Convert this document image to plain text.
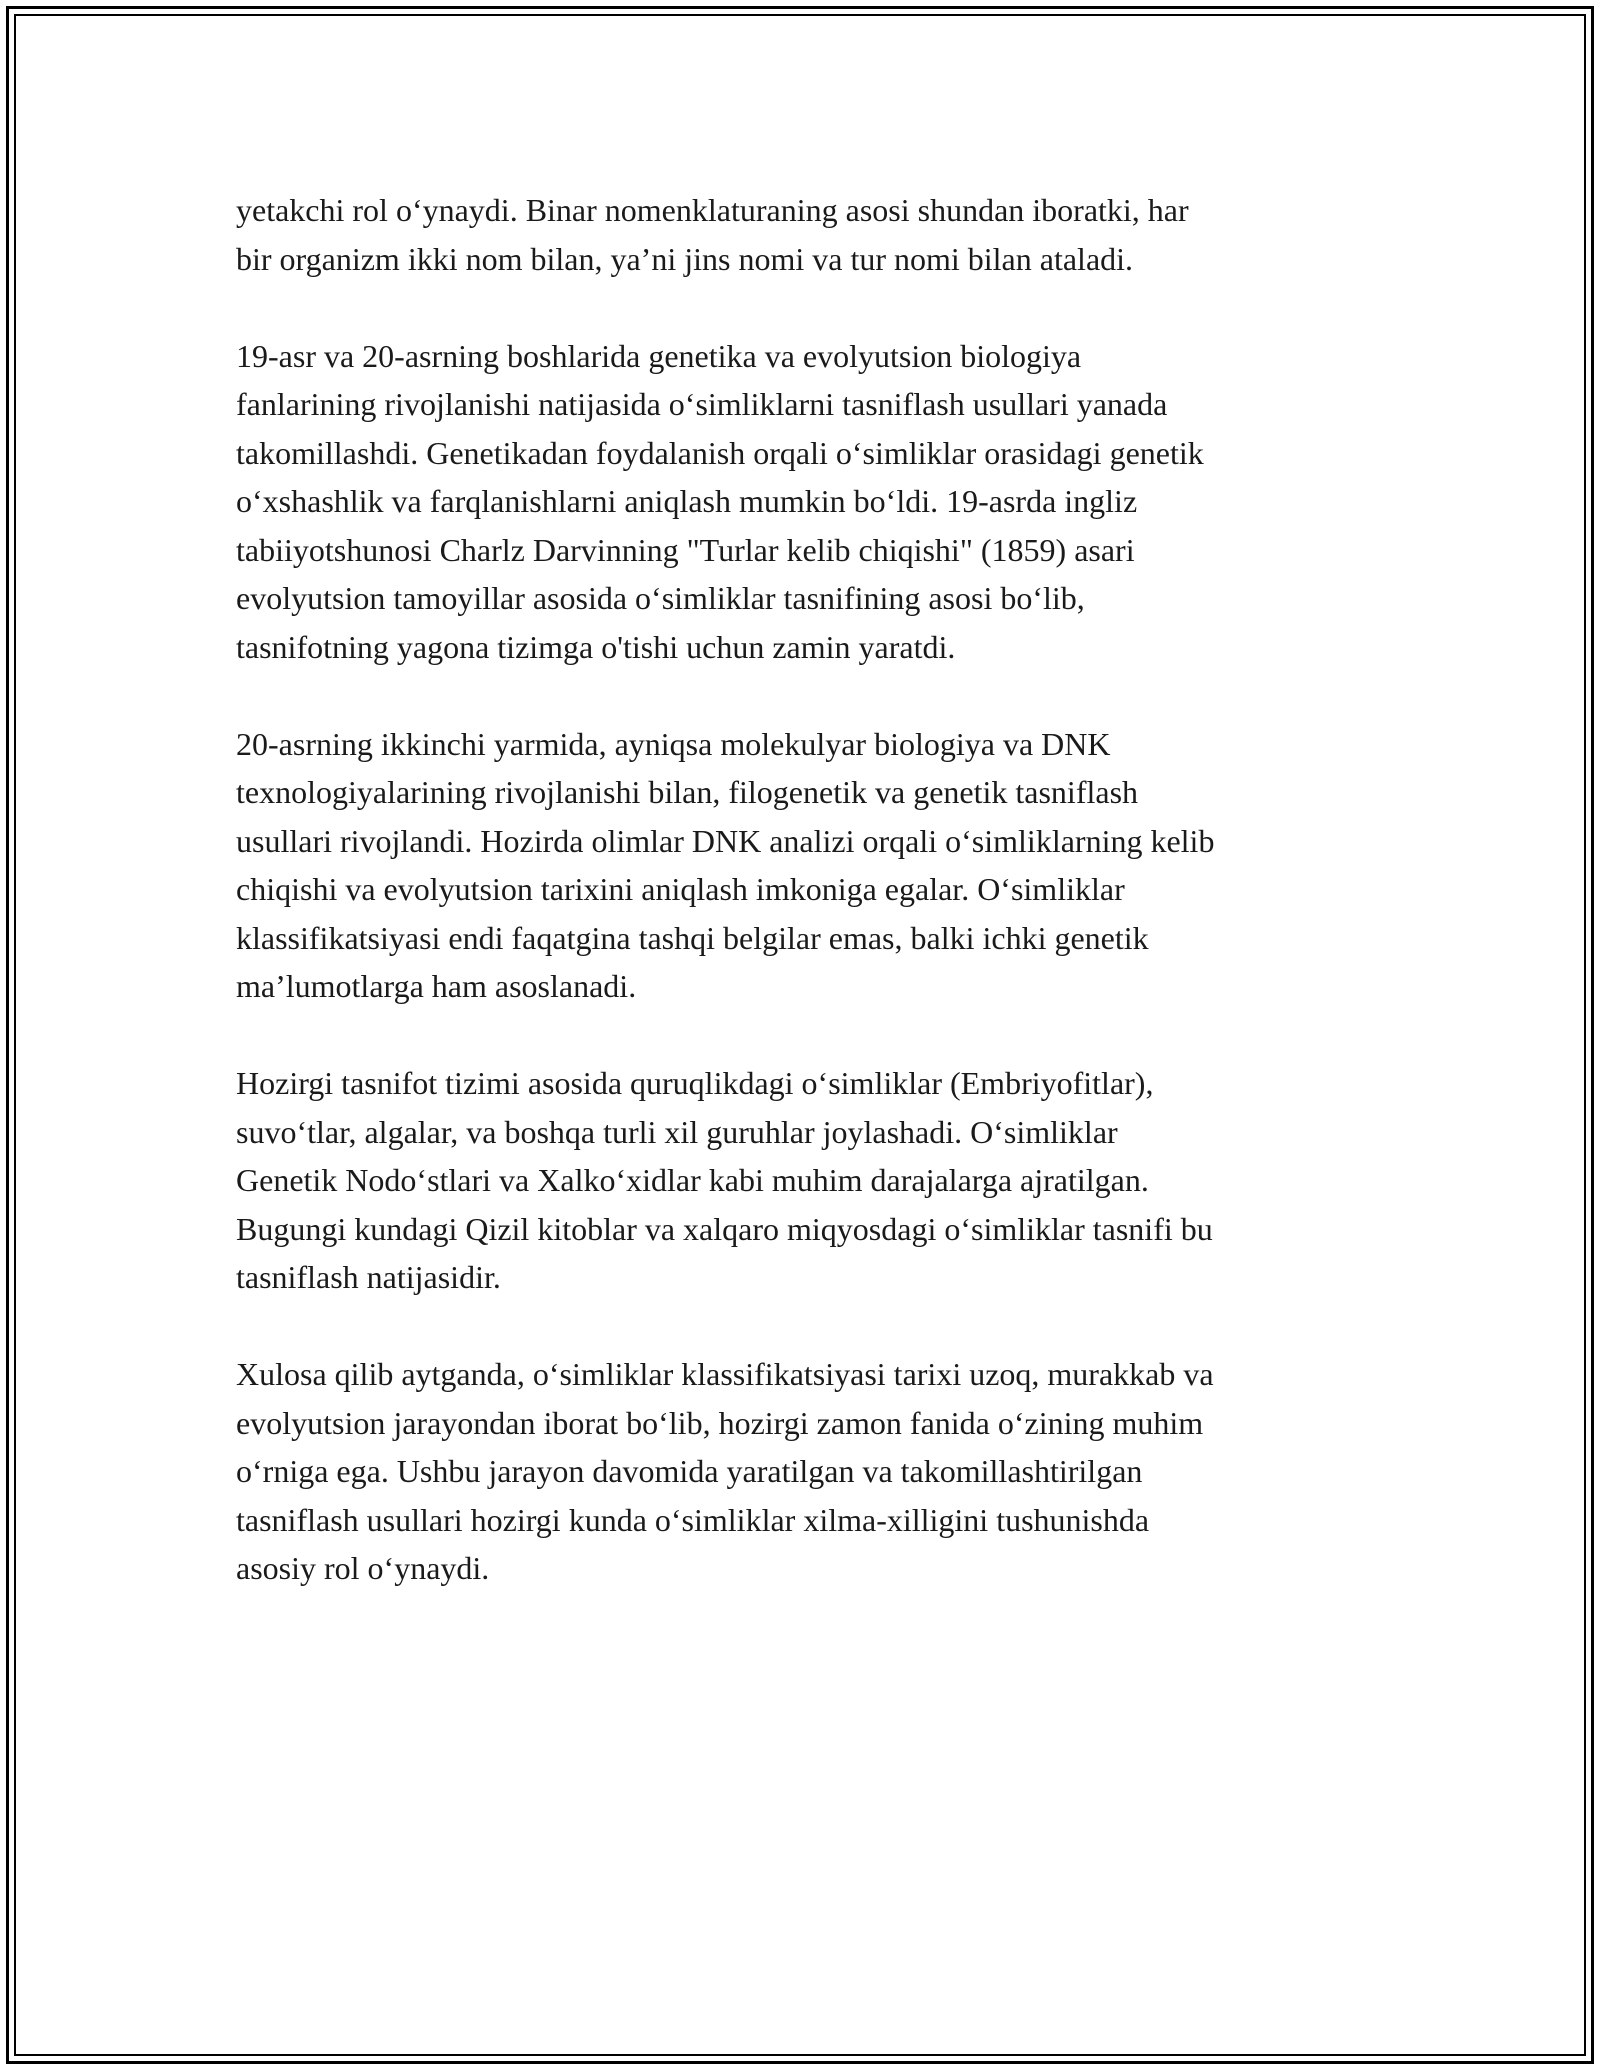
yetakchi rol o‘ynaydi. Binar nomenklaturaning asosi shundan iboratki, har
bir organizm ikki nom bilan, ya’ni jins nomi va tur nomi bilan ataladi.

19-asr va 20-asrning boshlarida genetika va evolyutsion biologiya
fanlarining rivojlanishi natijasida o‘simliklarni tasniflash usullari yanada
takomillashdi. Genetikadan foydalanish orqali o‘simliklar orasidagi genetik
o‘xshashlik va farqlanishlarni aniqlash mumkin bo‘ldi. 19-asrda ingliz
tabiiyotshunosi Charlz Darvinning "Turlar kelib chiqishi" (1859) asari
evolyutsion tamoyillar asosida o‘simliklar tasnifining asosi bo‘lib,
tasnifotning yagona tizimga o'tishi uchun zamin yaratdi.

20-asrning ikkinchi yarmida, ayniqsa molekulyar biologiya va DNK
texnologiyalarining rivojlanishi bilan, filogenetik va genetik tasniflash
usullari rivojlandi. Hozirda olimlar DNK analizi orqali o‘simliklarning kelib
chiqishi va evolyutsion tarixini aniqlash imkoniga egalar. O‘simliklar
klassifikatsiyasi endi faqatgina tashqi belgilar emas, balki ichki genetik
ma’lumotlarga ham asoslanadi.

Hozirgi tasnifot tizimi asosida quruqlikdagi o‘simliklar (Embriyofitlar),
suvo‘tlar, algalar, va boshqa turli xil guruhlar joylashadi. O‘simliklar
Genetik Nodo‘stlari va Xalko‘xidlar kabi muhim darajalarga ajratilgan.
Bugungi kundagi Qizil kitoblar va xalqaro miqyosdagi o‘simliklar tasnifi bu
tasniflash natijasidir.

Xulosa qilib aytganda, o‘simliklar klassifikatsiyasi tarixi uzoq, murakkab va
evolyutsion jarayondan iborat bo‘lib, hozirgi zamon fanida o‘zining muhim
o‘rniga ega. Ushbu jarayon davomida yaratilgan va takomillashtirilgan
tasniflash usullari hozirgi kunda o‘simliklar xilma-xilligini tushunishda
asosiy rol o‘ynaydi.
